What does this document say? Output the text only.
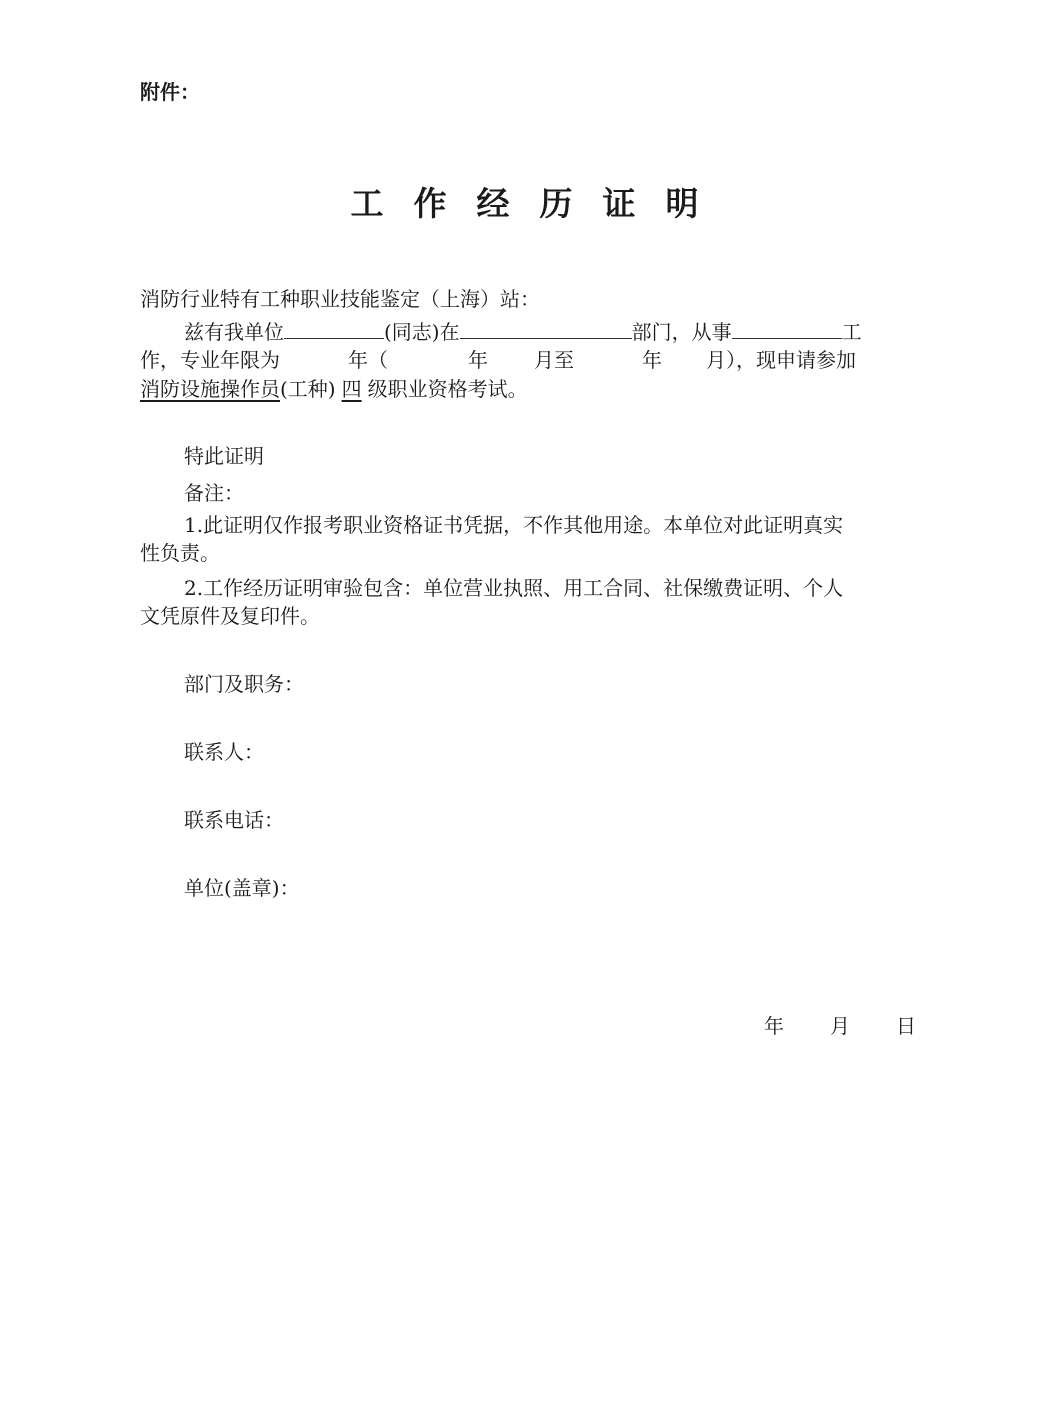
附件：
工作经历证明
消防行业特有工种职业技能鉴定（上海）站：
兹有我单位	(同志)在	部门，从事	工
作，专业年限为	年（	年 月至	年 月），现申请参加
消防设施操作员(工种) 四 级职业资格考试。
特此证明
备注：
1.此证明仅作报考职业资格证书凭据，不作其他用途。本单位对此证明真实
性负责。
2.工作经历证明审验包含：单位营业执照、用工合同、社保缴费证明、个人
文凭原件及复印件。
部门及职务：
联系人：
联系电话：
单位(盖章)：
年 月 日
